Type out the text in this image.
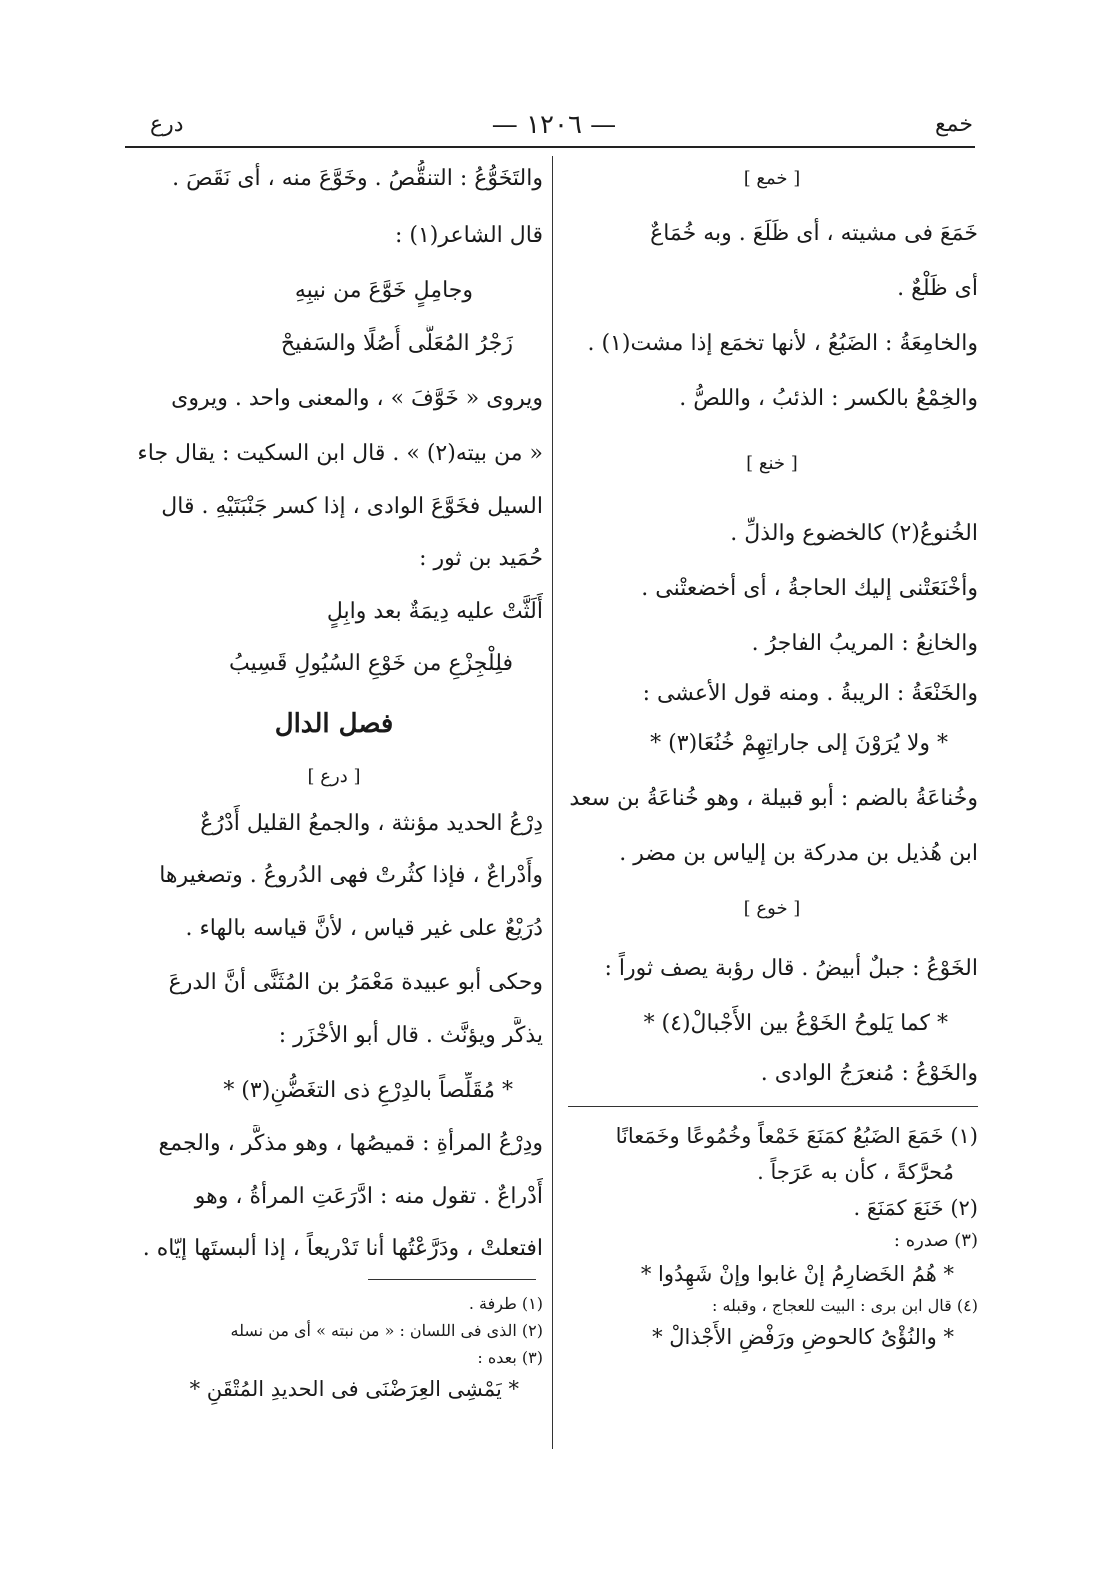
خمع
— ١٢٠٦ —
درع
[ خمع ]
خَمَعَ فى مشيته ، أى ظَلَعَ . وبه خُمَاعٌ
أى ظَلْعٌ .
والخامِعَةُ : الضَبُعُ ، لأنها تخمَع إذا مشت(١) .
والخِمْعُ بالكسر : الذئبُ ، واللصُّ .
[ خنع ]
الخُنوعُ(٢) كالخضوع والذلِّ .
وأخْنَعَتْنى إليك الحاجةُ ، أى أخضعتْنى .
والخانِعُ : المريبُ الفاجرُ .
والخَنْعَةُ : الريبةُ . ومنه قول الأعشى :
* ولا يُرَوْنَ إلى جاراتِهِمْ خُنُعَا(٣) *
وخُناعَةُ بالضم : أبو قبيلة ، وهو خُناعَةُ بن سعد
ابن هُذيل بن مدركة بن إلياس بن مضر .
[ خوع ]
الخَوْعُ : جبلٌ أبيضُ . قال رؤبة يصف ثوراً :
* كما يَلوحُ الخَوْعُ بين الأَجْبالْ(٤) *
والخَوْعُ : مُنعرَجُ الوادى .
والتَخَوُّعُ : التنقُّصُ . وخَوَّعَ منه ، أى نَقَصَ .
قال الشاعر(١) :
وجامِلٍ خَوَّعَ من نيبِهِ
زَجْرُ المُعَلَّى أُصُلًا والسَفيحْ
ويروى « خَوَّفَ » ، والمعنى واحد . ويروى
« من بيته(٢) » . قال ابن السكيت : يقال جاء
السيل فخَوَّعَ الوادى ، إذا كسر جَنْبَتَيْهِ . قال
حُمَيد بن ثور :
أَلَثَّتْ عليه دِيمَةٌ بعد وابِلٍ
فلِلْجِزْعِ من خَوْعِ السُيُولِ قَسِيبُ
فصل الدال
[ درع ]
دِرْعُ الحديد مؤنثة ، والجمعُ القليل أَدْرُعٌ
وأَدْراعٌ ، فإذا كثُرتْ فهى الدُروعُ . وتصغيرها
دُرَيْعٌ على غير قياس ، لأنَّ قياسه بالهاء .
وحكى أبو عبيدة مَعْمَرُ بن المُثَنَّى أنَّ الدرعَ
يذكَّر ويؤنَّث . قال أبو الأخْزَر :
* مُقَلِّصاً بالدِرْعِ ذى التغَضُّنِ(٣) *
ودِرْعُ المرأةِ : قميصُها ، وهو مذكَّر ، والجمع
أَدْراعٌ . تقول منه : ادَّرَعَتِ المرأةُ ، وهو
افتعلتْ ، ودَرَّعْتُها أنا تَدْريعاً ، إذا ألبستَها إيّاه .
(١) خَمَعَ الضَبُعُ كمَنَعَ خَمْعاً وخُمُوعًا وخَمَعانًا
مُحرَّكةً ، كأن به عَرَجاً .
(٢) خَنَعَ كمَنَعَ .
(٣) صدره :
* هُمُ الخَضارِمُ إنْ غابوا وإنْ شَهِدُوا *
(٤) قال ابن برى : البيت للعجاج ، وقبله :
* والنُؤْىُ كالحوضِ ورَفْضِ الأَجْذالْ *
(١) طرفة .
(٢) الذى فى اللسان : « من نبته » أى من نسله
(٣) بعده :
* يَمْشِى العِرَضْنَى فى الحديدِ المُتْقَنِ *
